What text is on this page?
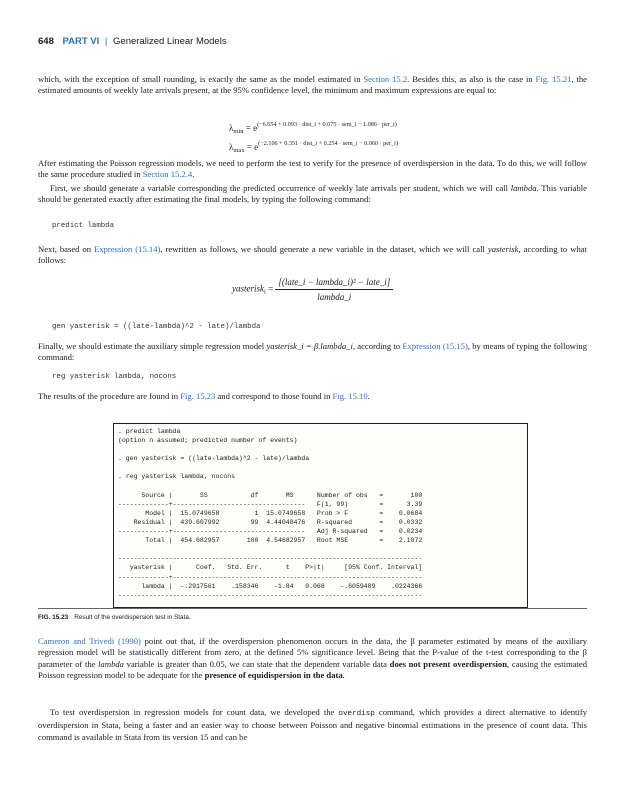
648 PART VI | Generalized Linear Models
which, with the exception of small rounding, is exactly the same as the model estimated in Section 15.2. Besides this, as also is the case in Fig. 15.21, the estimated amounts of weekly late arrivals present, at the 95% confidence level, the minimum and maximum expressions are equal to:
$\lambda_{min} = e^{(-6.654 + 0.093 \cdot dist\_i + 0.075 \cdot sem\_i - 1.086 \cdot per\_i)}$
$\lambda_{max} = e^{(-2.106 + 0.351 \cdot dist\_i + 0.254 \cdot sem\_i - 0.060 \cdot per\_i)}$
After estimating the Poisson regression models, we need to perform the test to verify for the presence of overdispersion in the data. To do this, we will follow the same procedure studied in Section 15.2.4.
First, we should generate a variable corresponding the predicted occurrence of weekly late arrivals per student, which we will call lambda. This variable should be generated exactly after estimating the final models, by typing the following command:
predict lambda
Next, based on Expression (15.14), rewritten as follows, we should generate a new variable in the dataset, which we will call yasterisk, according to what follows:
yasterisk$_i$ = $\frac{\text{[(late\_i − lambda\_i)² − late\_i]}}{\text{lambda\_i}}$
gen yasterisk = ((late-lambda)^2 - late)/lambda
Finally, we should estimate the auxiliary simple regression model yasterisk_i = β.lambda_i, according to Expression (15.15), by means of typing the following command:
reg yasterisk lambda, nocons
The results of the procedure are found in Fig. 15.23 and correspond to those found in Fig. 15.10.
. predict lambda
(option n assumed; predicted number of events)

. gen yasterisk = ((late-lambda)^2 - late)/lambda

. reg yasterisk lambda, nocons

Source |       SS           df       MS      Number of obs   =       100
-------------+----------------------------------   F(1, 99)        =      3.39
Model |  15.0749658         1  15.0749658   Prob > F        =    0.0684
Residual |  439.607992        99  4.44048476   R-squared       =    0.0332
-------------+----------------------------------   Adj R-squared   =    0.0234
Total |  454.682957       100  4.54682957   Root MSE        =    2.1072

------------------------------------------------------------------------------
yasterisk |      Coef.   Std. Err.      t    P>|t|     [95% Conf. Interval]
-------------+----------------------------------------------------------------
lambda |  -.2917561    .158346    -1.84   0.068    -.6059489    .0224366
------------------------------------------------------------------------------
FIG. 15.23 Result of the overdispersion test in Stata.
Cameron and Trivedi (1990) point out that, if the overdispersion phenomenon occurs in the data, the β parameter estimated by means of the auxiliary regression model will be statistically different from zero, at the defined 5% significance level. Being that the P-value of the t-test corresponding to the β parameter of the lambda variable is greater than 0.05, we can state that the dependent variable data does not present overdispersion, causing the estimated Poisson regression model to be adequate for the presence of equidispersion in the data.
To test overdispersion in regression models for count data, we developed the overdisp command, which provides a direct alternative to identify overdispersion in Stata, being a faster and an easier way to choose between Poisson and negative binomial estimations in the presence of count data. This command is available in Stata from its version 15 and can be
